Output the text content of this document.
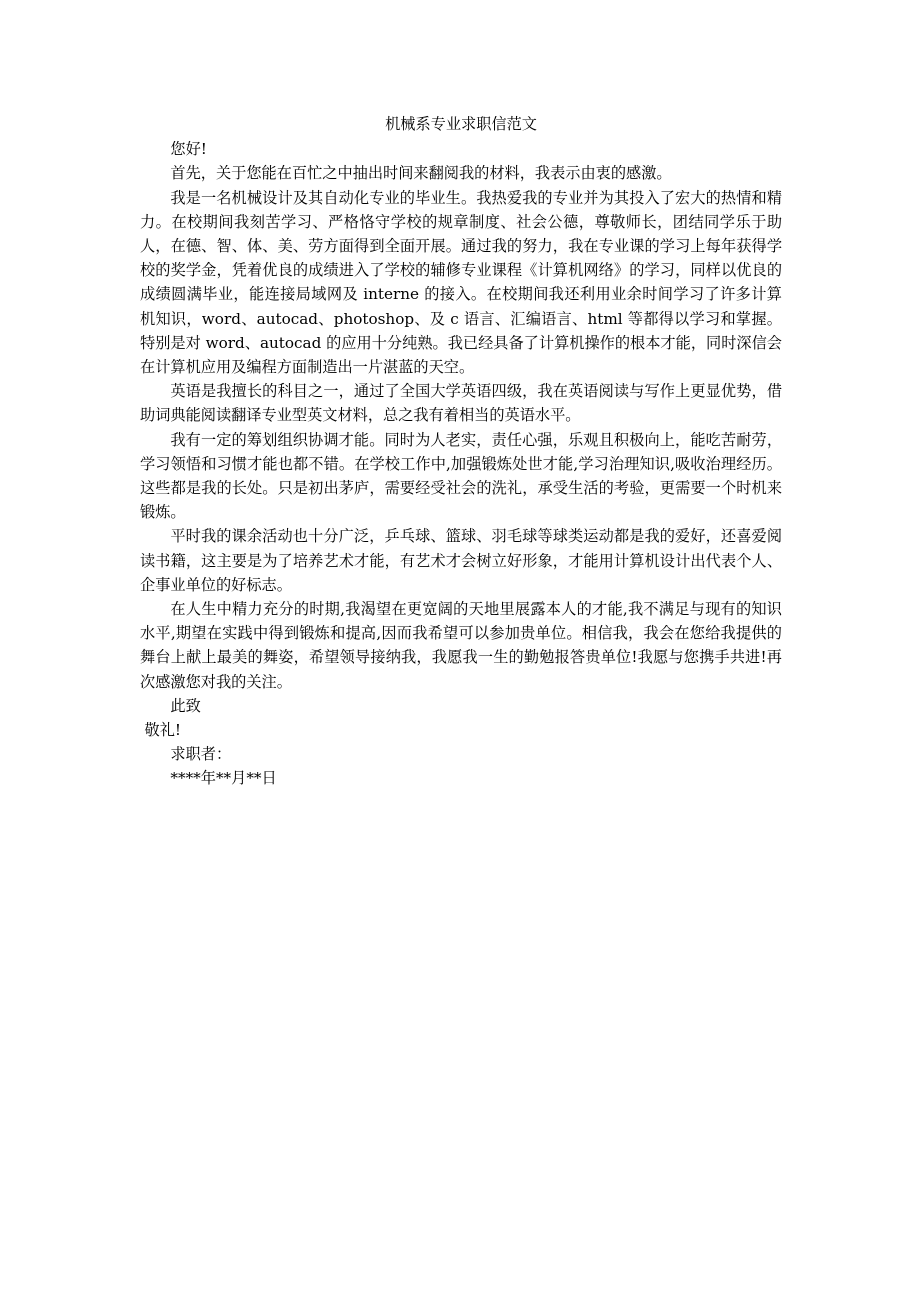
机械系专业求职信范文

您好!

首先，关于您能在百忙之中抽出时间来翻阅我的材料，我表示由衷的感激。

我是一名机械设计及其自动化专业的毕业生。我热爱我的专业并为其投入了宏大的热情和精力。在校期间我刻苦学习、严格恪守学校的规章制度、社会公德，尊敬师长，团结同学乐于助人，在德、智、体、美、劳方面得到全面开展。通过我的努力，我在专业课的学习上每年获得学校的奖学金，凭着优良的成绩进入了学校的辅修专业课程《计算机网络》的学习，同样以优良的成绩圆满毕业，能连接局域网及 interne 的接入。在校期间我还利用业余时间学习了许多计算机知识，word、autocad、photoshop、及 c 语言、汇编语言、html 等都得以学习和掌握。特别是对 word、autocad 的应用十分纯熟。我已经具备了计算机操作的根本才能，同时深信会在计算机应用及编程方面制造出一片湛蓝的天空。

英语是我擅长的科目之一，通过了全国大学英语四级，我在英语阅读与写作上更显优势，借助词典能阅读翻译专业型英文材料，总之我有着相当的英语水平。

我有一定的筹划组织协调才能。同时为人老实，责任心强，乐观且积极向上，能吃苦耐劳，学习领悟和习惯才能也都不错。在学校工作中,加强锻炼处世才能,学习治理知识,吸收治理经历。这些都是我的长处。只是初出茅庐，需要经受社会的洗礼，承受生活的考验，更需要一个时机来锻炼。

平时我的课余活动也十分广泛，乒乓球、篮球、羽毛球等球类运动都是我的爱好，还喜爱阅读书籍，这主要是为了培养艺术才能，有艺术才会树立好形象，才能用计算机设计出代表个人、企事业单位的好标志。

在人生中精力充分的时期,我渴望在更宽阔的天地里展露本人的才能,我不满足与现有的知识水平,期望在实践中得到锻炼和提高,因而我希望可以参加贵单位。相信我，我会在您给我提供的舞台上献上最美的舞姿，希望领导接纳我，我愿我一生的勤勉报答贵单位!我愿与您携手共进!再次感激您对我的关注。

此致

敬礼!

求职者：

****年**月**日
